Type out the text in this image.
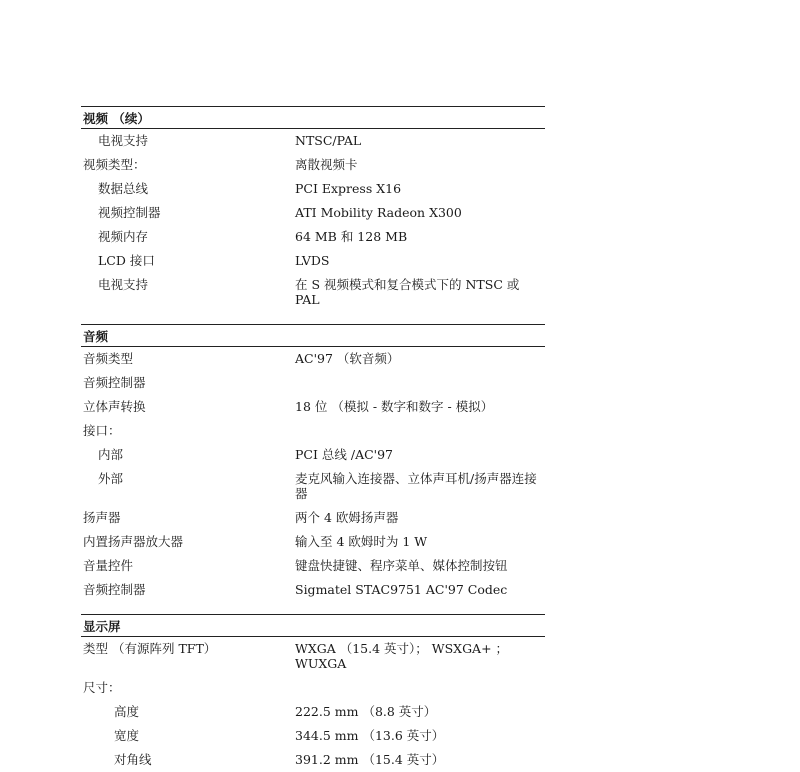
视频 （续）
电视支持	NTSC/PAL
视频类型：	离散视频卡
数据总线	PCI Express X16
视频控制器	ATI Mobility Radeon X300
视频内存	64 MB 和 128 MB
LCD 接口	LVDS
电视支持	在 S 视频模式和复合模式下的 NTSC 或 PAL
音频
音频类型	AC'97 （软音频）
音频控制器
立体声转换	18 位 （模拟 - 数字和数字 - 模拟）
接口：
内部	PCI 总线 /AC'97
外部	麦克风输入连接器、立体声耳机/扬声器连接器
扬声器	两个 4 欧姆扬声器
内置扬声器放大器	输入至 4 欧姆时为 1 W
音量控件	键盘快捷键、程序菜单、媒体控制按钮
音频控制器	Sigmatel STAC9751 AC'97 Codec
显示屏
类型 （有源阵列 TFT）	WXGA （15.4 英寸）； WSXGA+ ； WUXGA
尺寸：
高度	222.5 mm （8.8 英寸）
宽度	344.5 mm （13.6 英寸）
对角线	391.2 mm （15.4 英寸）
